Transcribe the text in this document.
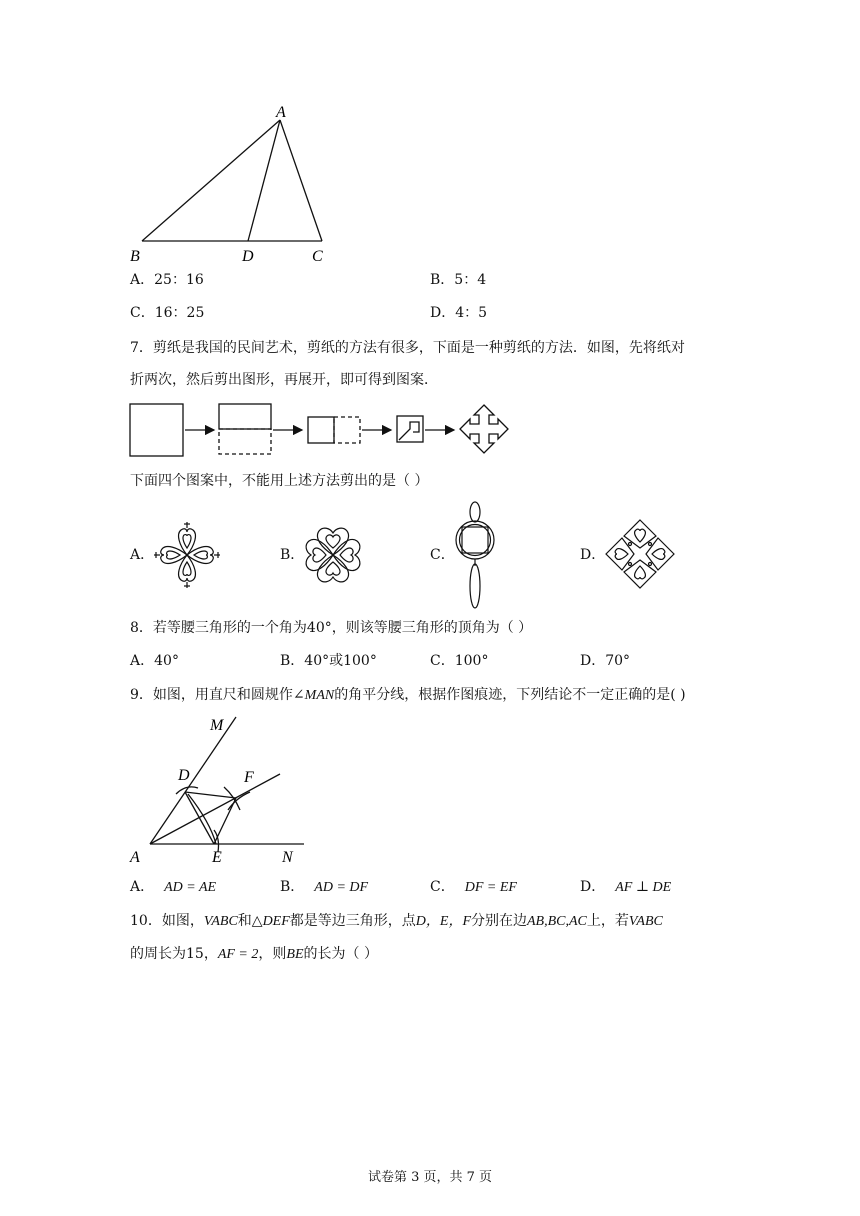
A
B	D	C
A．25：16	B．5：4
C．16：25	D．4：5
7．剪纸是我国的民间艺术，剪纸的方法有很多，下面是一种剪纸的方法．如图，先将纸对
折两次，然后剪出图形，再展开，即可得到图案．
下面四个图案中，不能用上述方法剪出的是（ ）
A．	B．	C．	D．
8．若等腰三角形的一个角为40°，则该等腰三角形的顶角为（ ）
A．40°	B．40°或100°	C．100°	D．70°
9．如图，用直尺和圆规作∠MAN的角平分线，根据作图痕迹，下列结论不一定正确的是( )
M
D	F
A	E	N
A． AD = AE	B． AD = DF	C． DF = EF	D． AF ⊥ DE
10．如图，VABC和△DEF都是等边三角形，点D，E，F分别在边AB,BC,AC上，若VABC
的周长为15，AF = 2，则BE的长为（ ）
试卷第 3 页，共 7 页
